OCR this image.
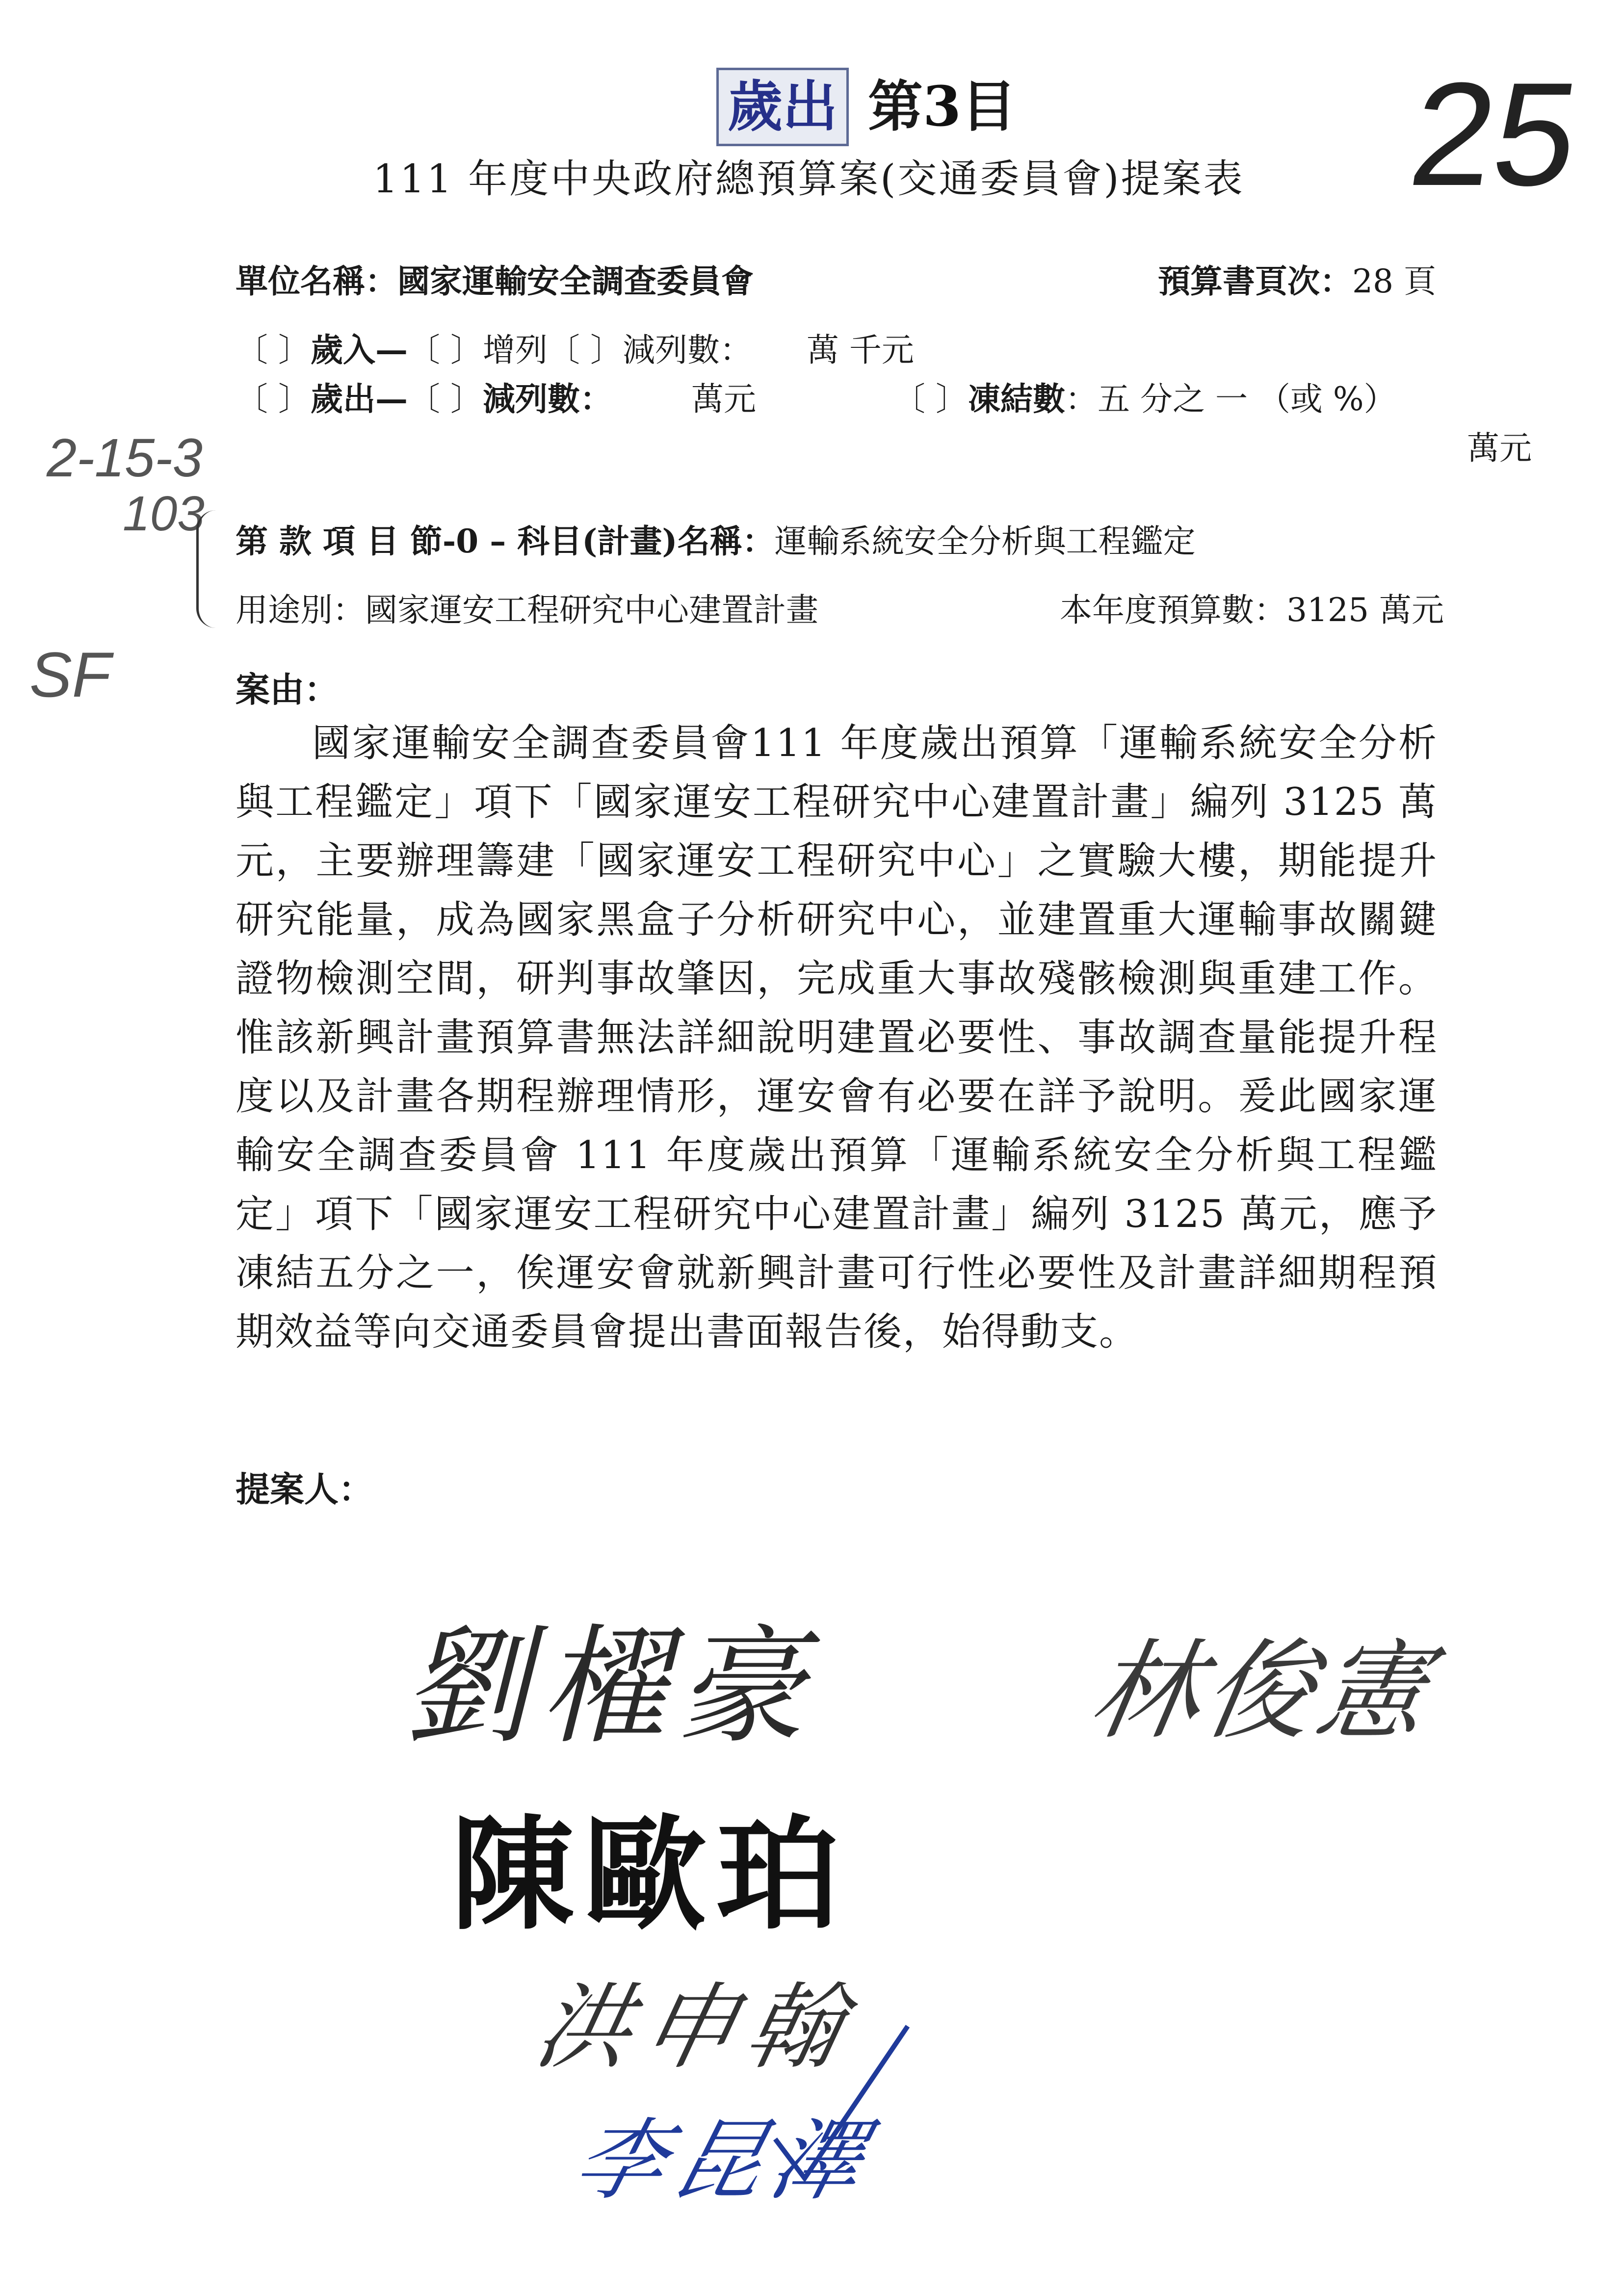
歲出 第3目	25
111 年度中央政府總預算案(交通委員會)提案表
單位名稱：國家運輸安全調查委員會	預算書頁次：28 頁
〔 〕歲入—〔 〕增列〔 〕減列數： 萬 千元
〔 〕歲出—〔 〕減列數： 萬元	〔 〕凍結數：五 分之 一 （或 %）
萬元
2-15-3
103
SF
第 款 項 目 節-0 – 科目(計畫)名稱：運輸系統安全分析與工程鑑定
用途別：國家運安工程研究中心建置計畫	本年度預算數：3125 萬元
案由：
國家運輸安全調查委員會111 年度歲出預算「運輸系統安全分析與工程鑑定」項下「國家運安工程研究中心建置計畫」編列 3125 萬元，主要辦理籌建「國家運安工程研究中心」之實驗大樓，期能提升研究能量，成為國家黑盒子分析研究中心，並建置重大運輸事故關鍵證物檢測空間，研判事故肇因，完成重大事故殘骸檢測與重建工作。惟該新興計畫預算書無法詳細說明建置必要性、事故調查量能提升程度以及計畫各期程辦理情形，運安會有必要在詳予說明。爰此國家運輸安全調查委員會 111 年度歲出預算「運輸系統安全分析與工程鑑定」項下「國家運安工程研究中心建置計畫」編列 3125 萬元，應予凍結五分之一，俟運安會就新興計畫可行性必要性及計畫詳細期程預期效益等向交通委員會提出書面報告後，始得動支。
提案人：
劉櫂豪 林俊憲
陳歐珀
洪申翰
李昆澤
